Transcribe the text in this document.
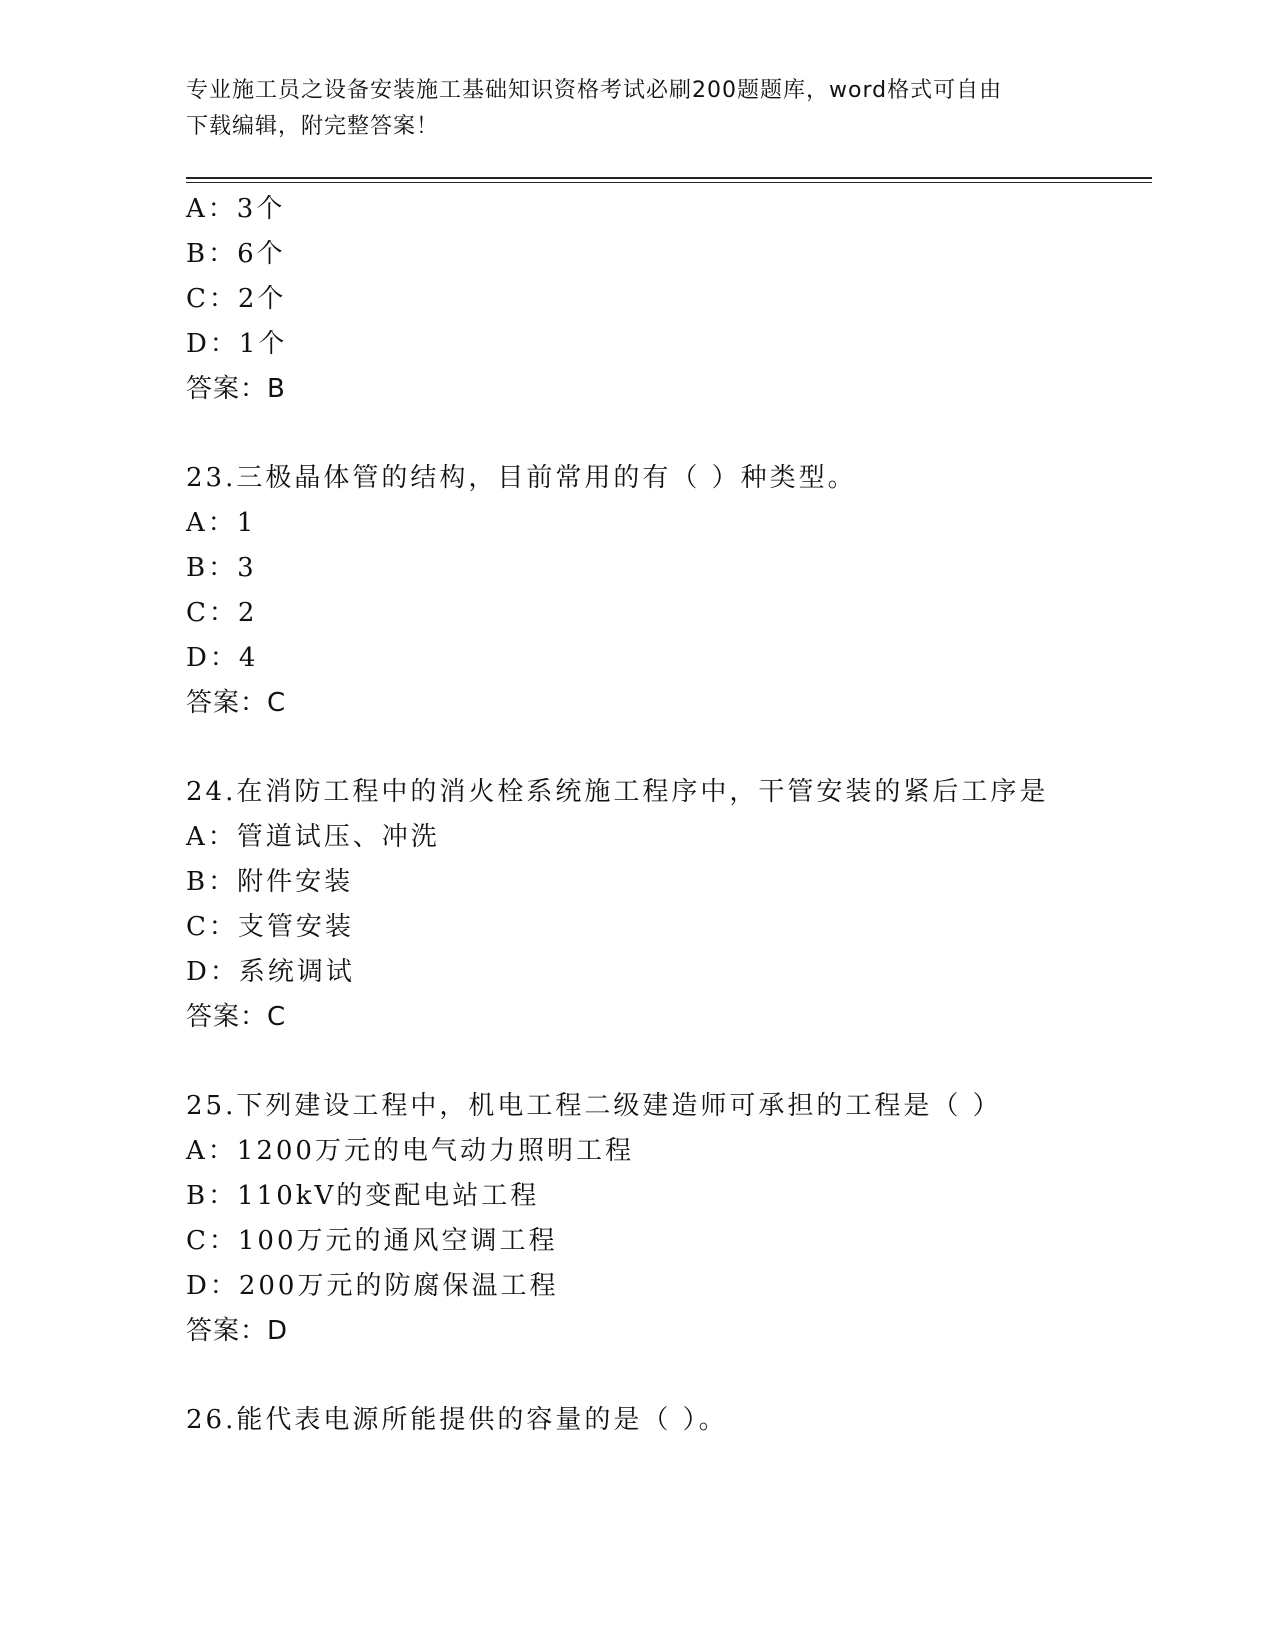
专业施工员之设备安装施工基础知识资格考试必刷200题题库，word格式可自由
下载编辑，附完整答案！
A：3个
B：6个
C：2个
D：1个
答案：B
23.三极晶体管的结构，目前常用的有（ ）种类型。
A：1
B：3
C：2
D：4
答案：C
24.在消防工程中的消火栓系统施工程序中，干管安装的紧后工序是
A：管道试压、冲洗
B：附件安装
C：支管安装
D：系统调试
答案：C
25.下列建设工程中，机电工程二级建造师可承担的工程是（ ）
A：1200万元的电气动力照明工程
B：110kV的变配电站工程
C：100万元的通风空调工程
D：200万元的防腐保温工程
答案：D
26.能代表电源所能提供的容量的是（ ）。
